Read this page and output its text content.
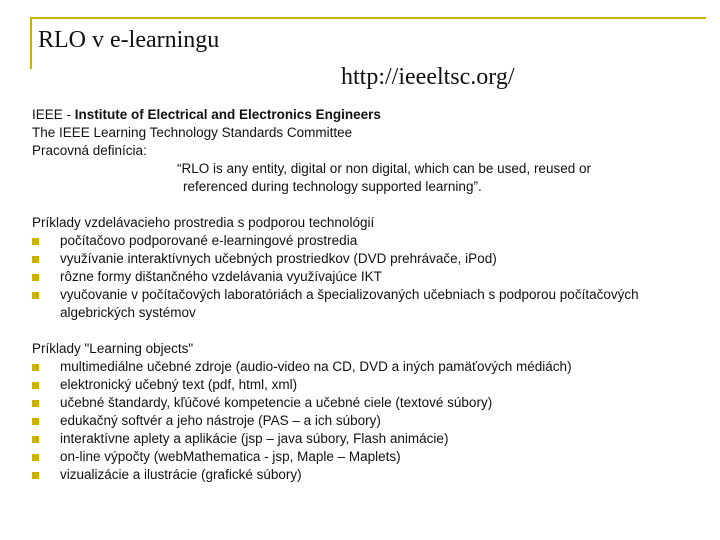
RLO v e-learningu
http://ieeeltsc.org/

IEEE - Institute of Electrical and Electronics Engineers

The IEEE Learning Technology Standards Committee

Pracovná definícia:

“RLO is any entity, digital or non digital, which can be used, reused or

referenced during technology supported learning”.

Príklady vzdelávacieho prostredia s podporou technológií

počítačovo podporované e-learningové prostredia
využívanie interaktívnych učebných prostriedkov (DVD prehrávače, iPod)
rôzne formy dištančného vzdelávania využívajúce IKT
vyučovanie v počítačových laboratóriách a špecializovaných učebniach s podporou počítačových algebrických systémov

Príklady "Learning objects"

multimediálne učebné zdroje (audio-video na CD, DVD a iných pamäťových médiách)
elektronický učebný text (pdf, html, xml)
učebné štandardy, kľúčové kompetencie a učebné ciele (textové súbory)
edukačný softvér a jeho nástroje (PAS – a ich súbory)
interaktívne aplety a aplikácie (jsp – java súbory, Flash animácie)
on-line výpočty (webMathematica - jsp, Maple – Maplets)
vizualizácie a ilustrácie (grafické súbory)
